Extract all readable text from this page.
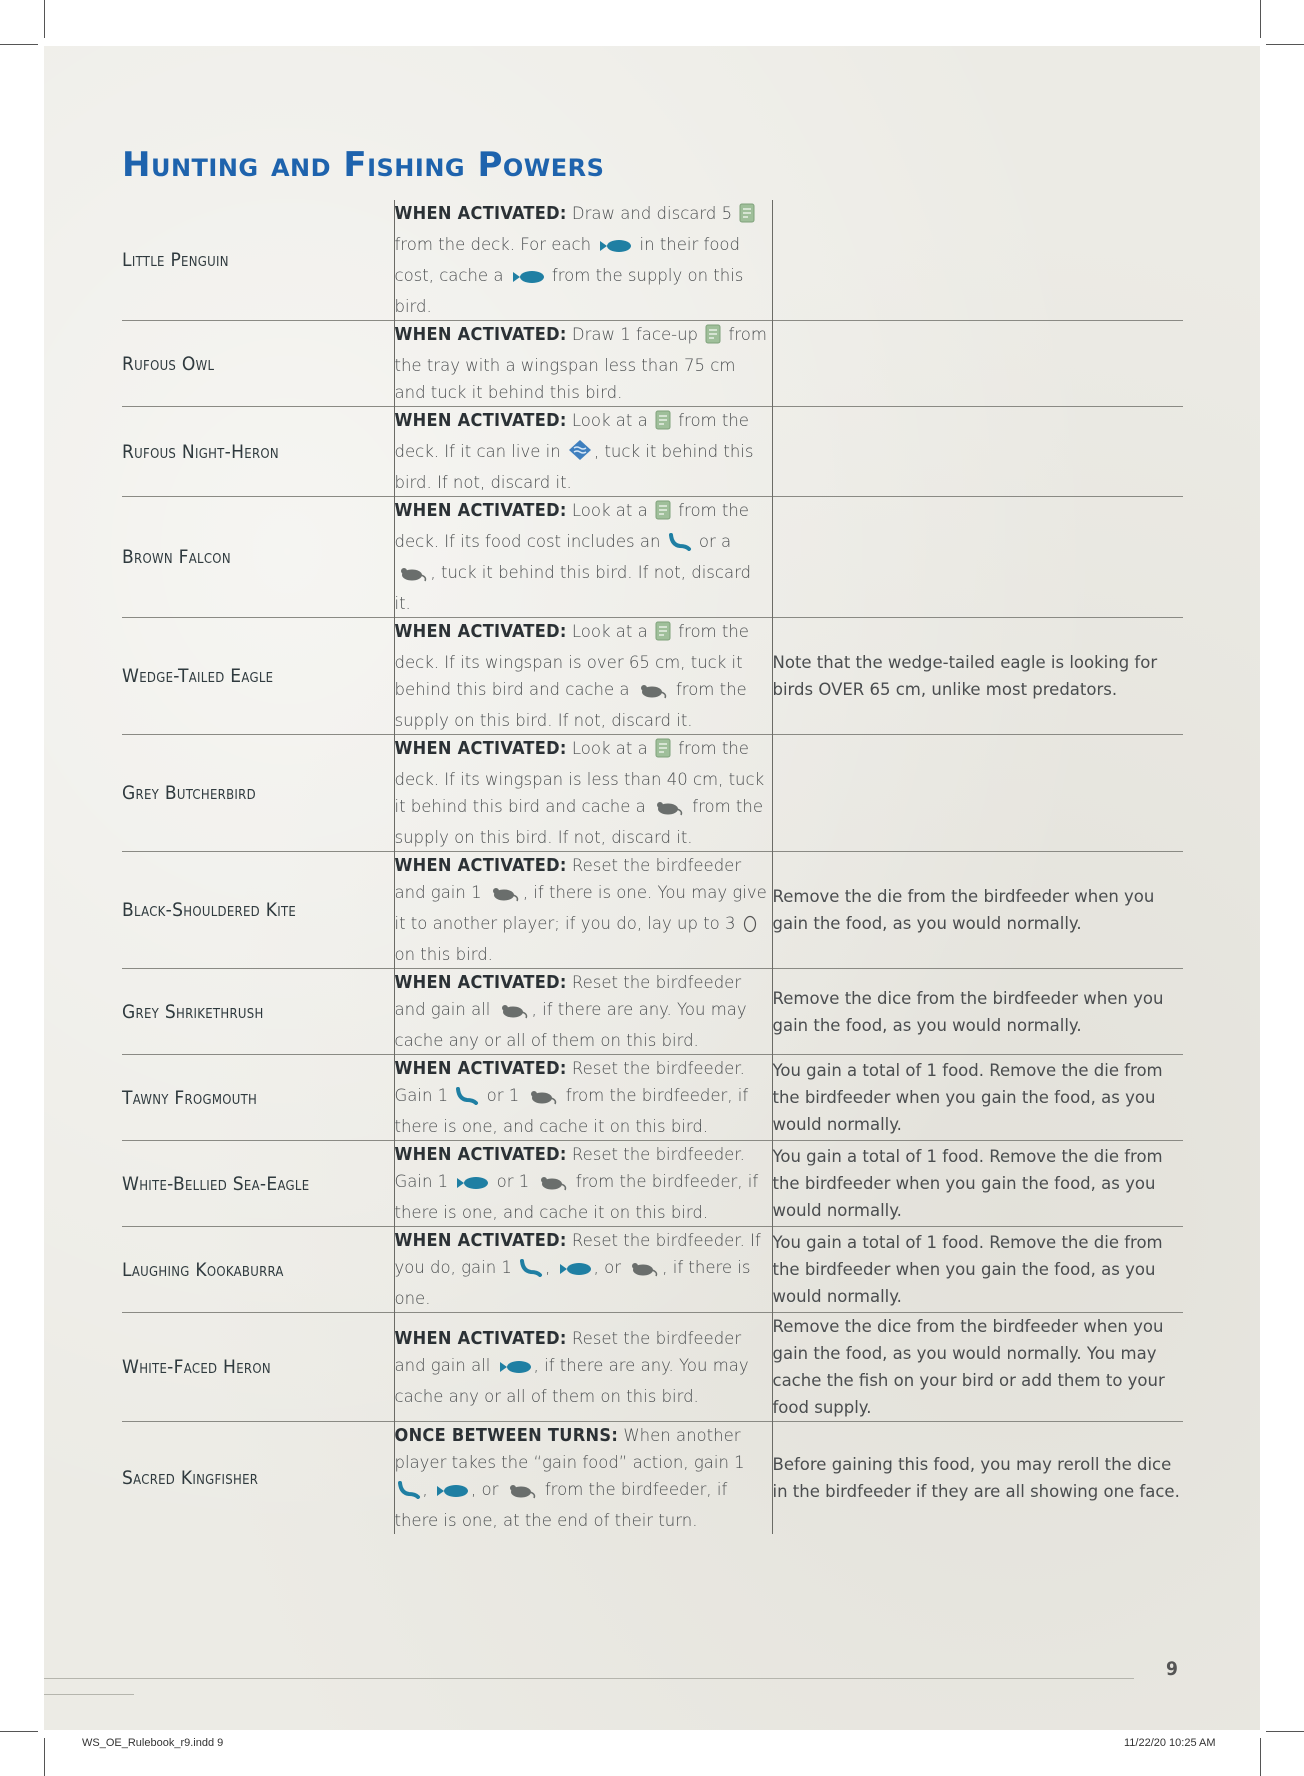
Hunting and Fishing Powers
Little Penguin	WHEN ACTIVATED: Draw and discard 5  from the deck. For each  in their food cost, cache a  from the supply on this bird.	
Rufous Owl	WHEN ACTIVATED: Draw 1 face-up  from the tray with a wingspan less than 75 cm and tuck it behind this bird.	
Rufous Night-Heron	WHEN ACTIVATED: Look at a  from the deck. If it can live in , tuck it behind this bird. If not, discard it.	
Brown Falcon	WHEN ACTIVATED: Look at a  from the deck. If its food cost includes an  or a , tuck it behind this bird. If not, discard it.	
Wedge-Tailed Eagle	WHEN ACTIVATED: Look at a  from the deck. If its wingspan is over 65 cm, tuck it behind this bird and cache a  from the supply on this bird. If not, discard it.	Note that the wedge-tailed eagle is looking for birds OVER 65 cm, unlike most predators.
Grey Butcherbird	WHEN ACTIVATED: Look at a  from the deck. If its wingspan is less than 40 cm, tuck it behind this bird and cache a  from the supply on this bird. If not, discard it.	
Black-Shouldered Kite	WHEN ACTIVATED: Reset the birdfeeder and gain 1 , if there is one. You may give it to another player; if you do, lay up to 3  on this bird.	Remove the die from the birdfeeder when you gain the food, as you would normally.
Grey Shrikethrush	WHEN ACTIVATED: Reset the birdfeeder and gain all , if there are any. You may cache any or all of them on this bird.	Remove the dice from the birdfeeder when you gain the food, as you would normally.
Tawny Frogmouth	WHEN ACTIVATED: Reset the birdfeeder. Gain 1  or 1  from the birdfeeder, if there is one, and cache it on this bird.	You gain a total of 1 food. Remove the die from the birdfeeder when you gain the food, as you would normally.
White-Bellied Sea-Eagle	WHEN ACTIVATED: Reset the birdfeeder. Gain 1  or 1  from the birdfeeder, if there is one, and cache it on this bird.	You gain a total of 1 food. Remove the die from the birdfeeder when you gain the food, as you would normally.
Laughing Kookaburra	WHEN ACTIVATED: Reset the birdfeeder. If you do, gain 1 , , or , if there is one.	You gain a total of 1 food. Remove the die from the birdfeeder when you gain the food, as you would normally.
White-Faced Heron	WHEN ACTIVATED: Reset the birdfeeder and gain all , if there are any. You may cache any or all of them on this bird.	Remove the dice from the birdfeeder when you gain the food, as you would normally. You may cache the fish on your bird or add them to your food supply.
Sacred Kingfisher	ONCE BETWEEN TURNS: When another player takes the “gain food” action, gain 1 , , or  from the birdfeeder, if there is one, at the end of their turn.	Before gaining this food, you may reroll the dice in the birdfeeder if they are all showing one face.
9
WS_OE_Rulebook_r9.indd 9	11/22/20 10:25 AM
